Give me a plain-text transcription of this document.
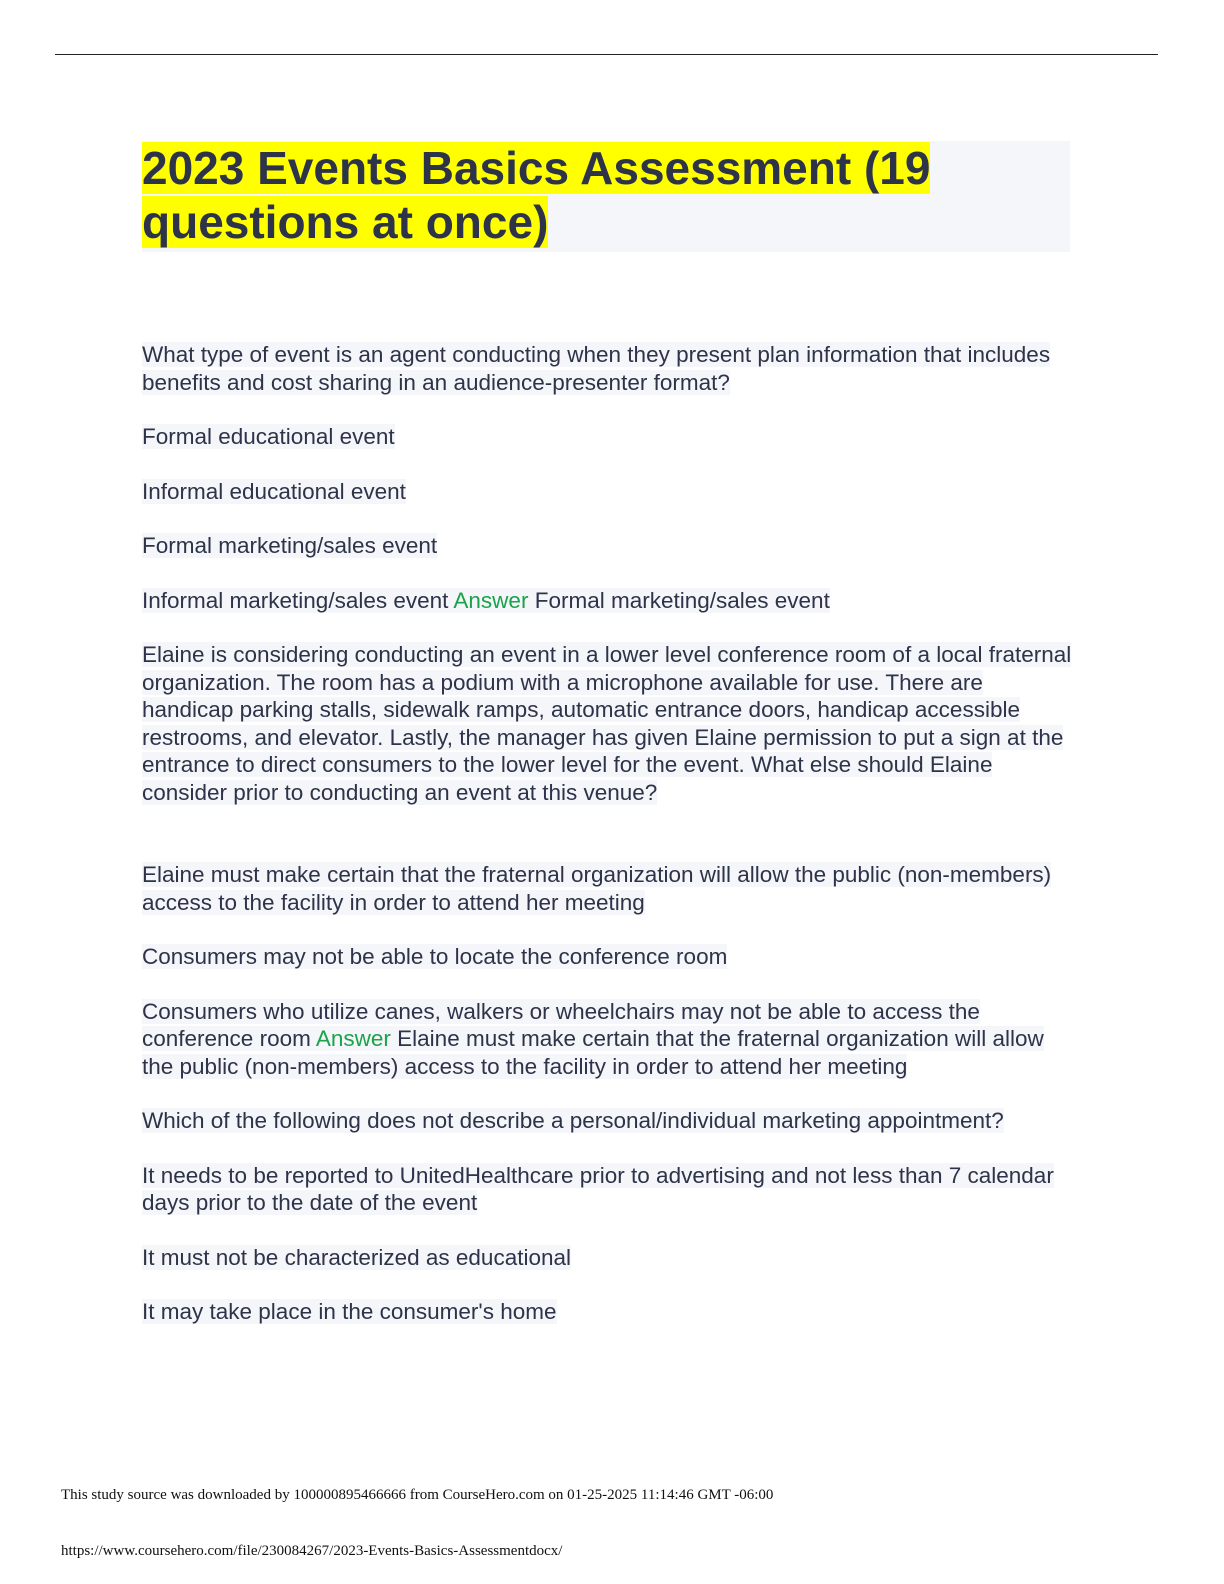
2023 Events Basics Assessment (19 questions at once)

What type of event is an agent conducting when they present plan information that includes benefits and cost sharing in an audience-presenter format?

Formal educational event

Informal educational event

Formal marketing/sales event

Informal marketing/sales event Answer Formal marketing/sales event

Elaine is considering conducting an event in a lower level conference room of a local fraternal organization. The room has a podium with a microphone available for use. There are handicap parking stalls, sidewalk ramps, automatic entrance doors, handicap accessible restrooms, and elevator. Lastly, the manager has given Elaine permission to put a sign at the entrance to direct consumers to the lower level for the event. What else should Elaine consider prior to conducting an event at this venue?

Elaine must make certain that the fraternal organization will allow the public (non-members) access to the facility in order to attend her meeting

Consumers may not be able to locate the conference room

Consumers who utilize canes, walkers or wheelchairs may not be able to access the conference room Answer Elaine must make certain that the fraternal organization will allow the public (non-members) access to the facility in order to attend her meeting

Which of the following does not describe a personal/individual marketing appointment?

It needs to be reported to UnitedHealthcare prior to advertising and not less than 7 calendar days prior to the date of the event

It must not be characterized as educational

It may take place in the consumer's home

This study source was downloaded by 100000895466666 from CourseHero.com on 01-25-2025 11:14:46 GMT -06:00
https://www.coursehero.com/file/230084267/2023-Events-Basics-Assessmentdocx/
